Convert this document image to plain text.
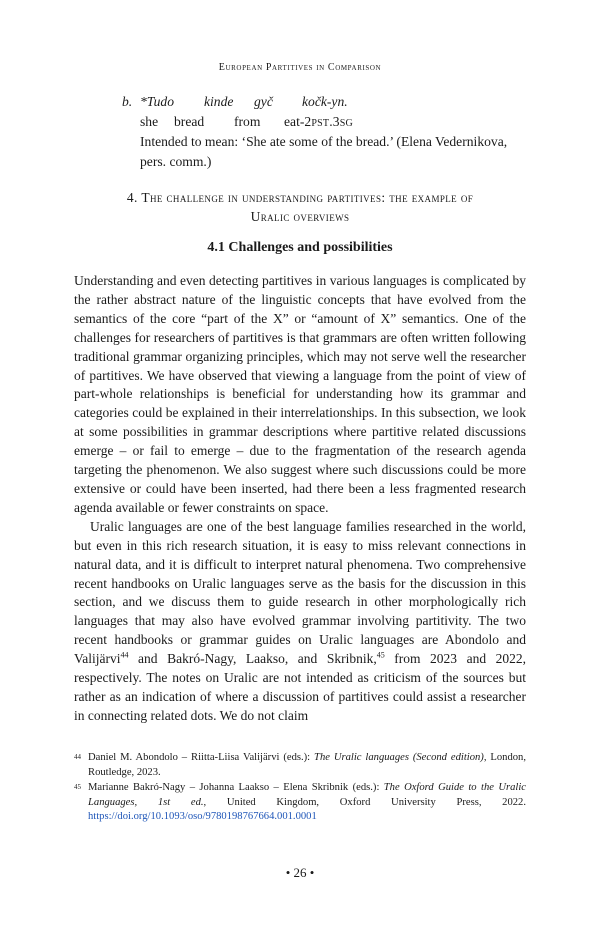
European Partitives in Comparison
b. *Tudo kinde gyč kočk-yn.
she bread from eat-2pst.3sg
Intended to mean: ‘She ate some of the bread.’ (Elena Vedernikova,
pers. comm.)
4. The challenge in understanding partitives: the example of
Uralic overviews
4.1 Challenges and possibilities

Understanding and even detecting partitives in various languages is complicated by the rather abstract nature of the linguistic concepts that have evolved from the semantics of the core “part of the X” or “amount of X” semantics. One of the challenges for researchers of partitives is that grammars are often written following traditional grammar organizing principles, which may not serve well the researcher of partitives. We have observed that viewing a language from the point of view of part-whole relationships is beneficial for understanding how its grammar and categories could be explained in their interrelationships. In this subsection, we look at some possibilities in grammar descriptions where partitive related discussions emerge – or fail to emerge – due to the fragmentation of the research agenda targeting the phenomenon. We also suggest where such discussions could be more extensive or could have been inserted, had there been a less fragmented research agenda available or fewer constraints on space.

Uralic languages are one of the best language families researched in the world, but even in this rich research situation, it is easy to miss relevant connections in natural data, and it is difficult to interpret natural phenomena. Two comprehensive recent handbooks on Uralic languages serve as the basis for the discussion in this section, and we discuss them to guide research in other morphologically rich languages that may also have evolved grammar involving partitivity. The two recent handbooks or grammar guides on Uralic languages are Abondolo and Valijärvi$^{44}$ and Bakró-Nagy, Laakso, and Skribnik,$^{45}$ from 2023 and 2022, respectively. The notes on Uralic are not intended as criticism of the sources but rather as an indication of where a discussion of partitives could assist a researcher in connecting related dots. We do not claim

44 Daniel M. Abondolo – Riitta-Liisa Valijärvi (eds.): The Uralic languages (Second edition), London, Routledge, 2023.
45 Marianne Bakró-Nagy – Johanna Laakso – Elena Skribnik (eds.): The Oxford Guide to the Uralic Languages, 1st ed., United Kingdom, Oxford University Press, 2022. https://doi.org/10.1093/oso/9780198767664.001.0001
• 26 •
